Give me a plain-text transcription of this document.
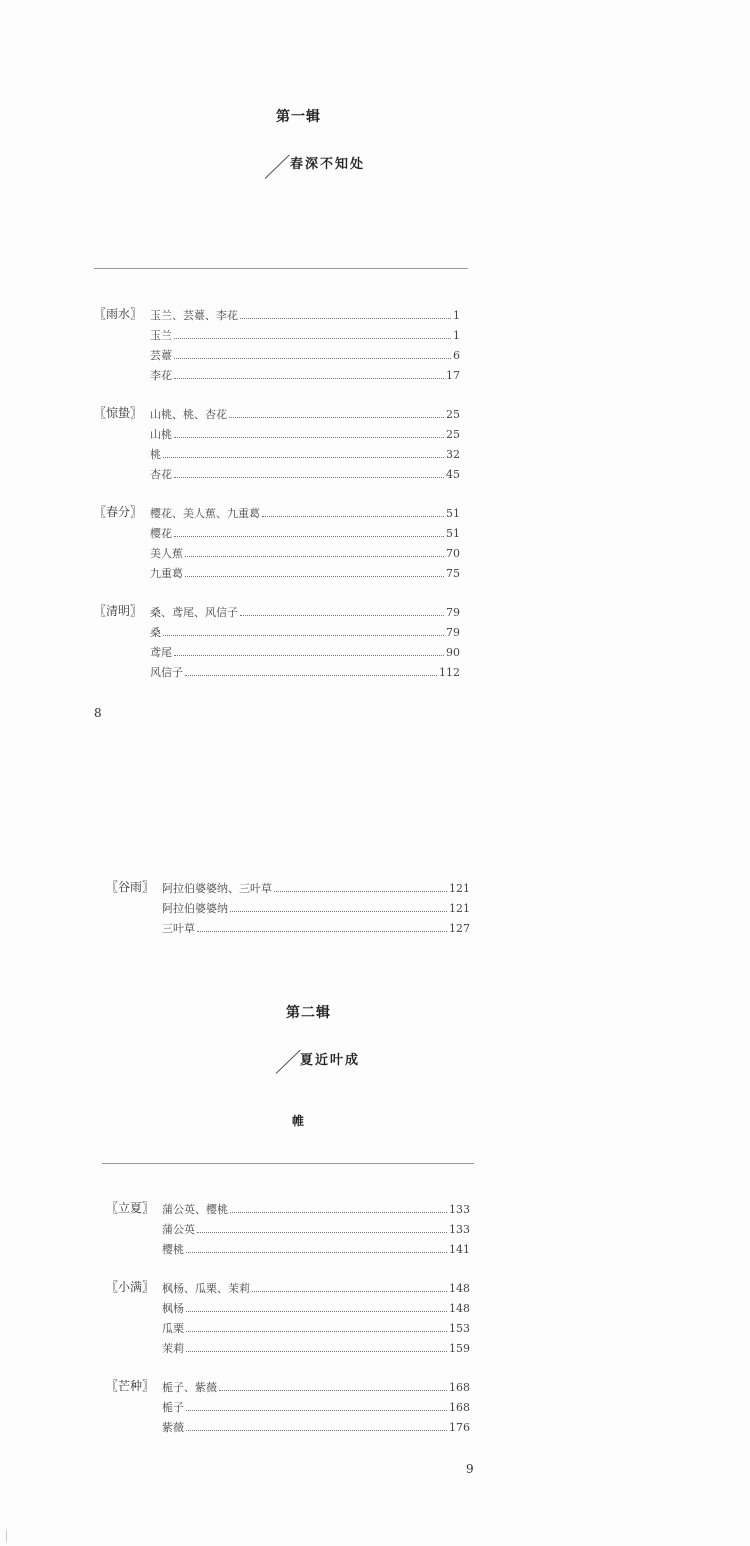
第一辑
春深不知处
〖雨水〗 玉兰、芸薹、李花	1
玉兰	1
芸薹	6
李花	17
〖惊蛰〗 山桃、桃、杏花	25
山桃	25
桃	32
杏花	45
〖春分〗 樱花、美人蕉、九重葛	51
樱花	51
美人蕉	70
九重葛	75
〖清明〗 桑、鸢尾、风信子	79
桑	79
鸢尾	90
风信子	112
8
〖谷雨〗 阿拉伯婆婆纳、三叶草	121
阿拉伯婆婆纳	121
三叶草	127
第二辑
夏近叶成
帷
〖立夏〗 蒲公英、樱桃	133
蒲公英	133
樱桃	141
〖小满〗 枫杨、瓜栗、茉莉	148
枫杨	148
瓜栗	153
茉莉	159
〖芒种〗 栀子、紫薇	168
栀子	168
紫薇	176
9
